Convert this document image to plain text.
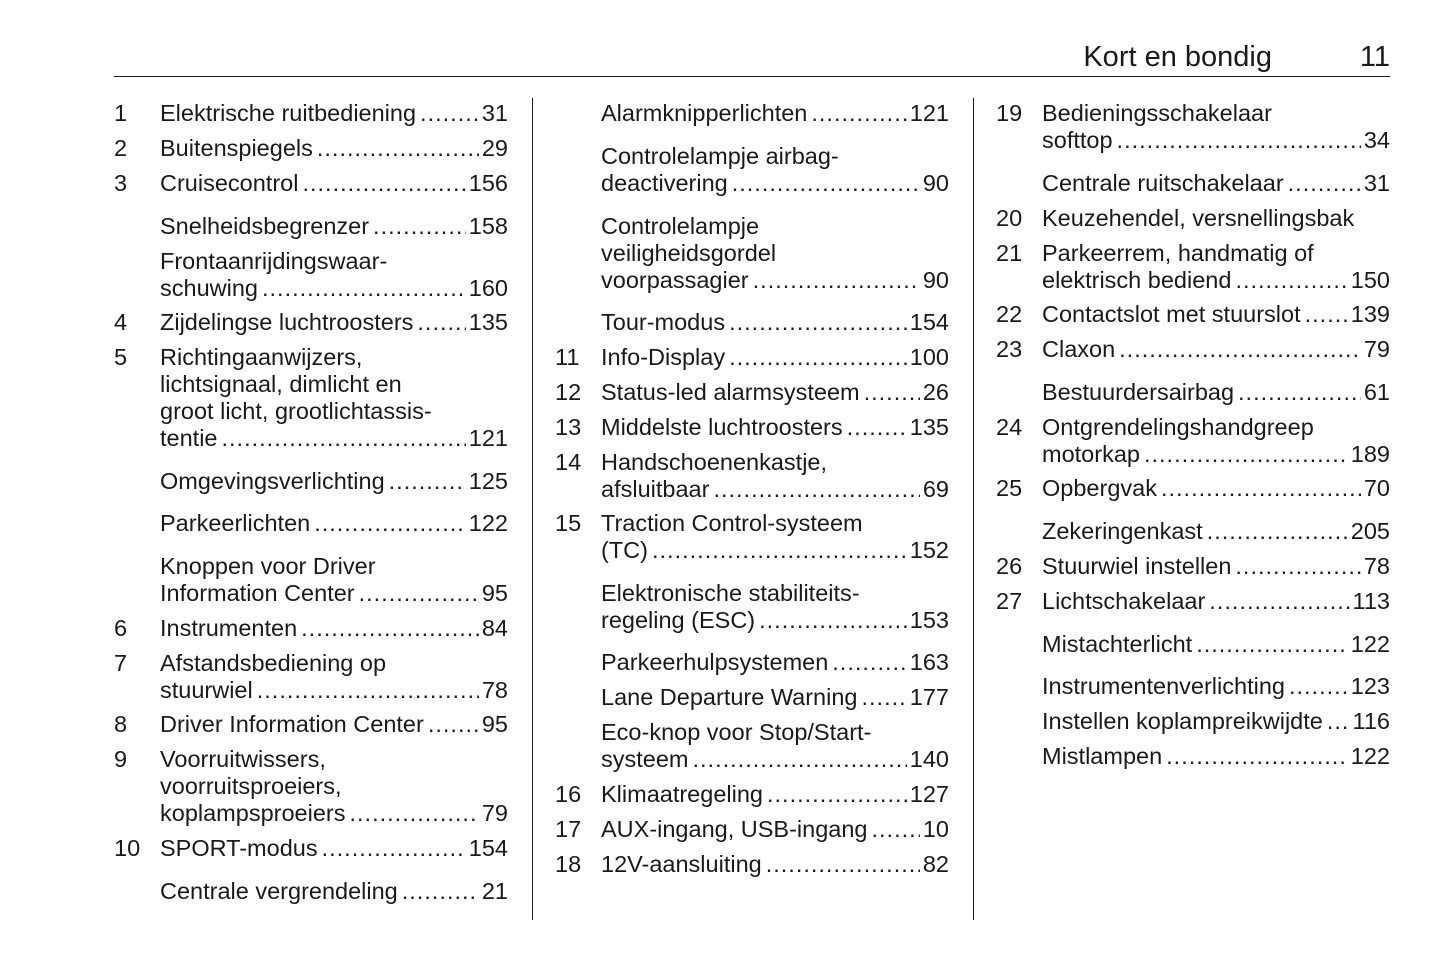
Kort en bondig	11
1 Elektrische ruitbediening .....	31
2 Buitenspiegels .....	29
3 Cruisecontrol .....	156
Snelheidsbegrenzer .....	158
Frontaanrijdingswaar-
schuwing .....	160
4 Zijdelingse luchtroosters ..... 135
5 Richtingaanwijzers,
lichtsignaal, dimlicht en
groot licht, grootlichtassis-
tentie .....	121
Omgevingsverlichting .....	125
Parkeerlichten .....	122
Knoppen voor Driver
Information Center .....	95
6 Instrumenten .....	84
7 Afstandsbediening op
stuurwiel .....	78
8 Driver Information Center ..... 95
9 Voorruitwissers,
voorruitsproeiers,
koplampsproeiers .....	79
10 SPORT-modus .....	154
Centrale vergrendeling .....	21
Alarmknipperlichten .....	121
Controlelampje airbag-
deactivering .....	90
Controlelampje
veiligheidsgordel
voorpassagier .....	90
Tour-modus .....	154
11 Info-Display .....	100
12 Status-led alarmsysteem .....	26
13 Middelste luchtroosters .....	135
14 Handschoenenkastje,
afsluitbaar .....	69
15 Traction Control-systeem
(TC) .....	152
Elektronische stabiliteits-
regeling (ESC) .....	153
Parkeerhulpsystemen .....	163
Lane Departure Warning ..... 177
Eco-knop voor Stop/Start-
systeem .....	140
16 Klimaatregeling .....	127
17 AUX-ingang, USB-ingang ..... 10
18 12V-aansluiting .....	82
19 Bedieningsschakelaar
softtop .....	34
Centrale ruitschakelaar .....	31
20 Keuzehendel, versnellingsbak
21 Parkeerrem, handmatig of
elektrisch bediend .....	150
22 Contactslot met stuurslot ..... 139
23 Claxon .....	79
Bestuurdersairbag .....	61
24 Ontgrendelingshandgreep
motorkap .....	189
25 Opbergvak .....	70
Zekeringenkast .....	205
26 Stuurwiel instellen .....	78
27 Lichtschakelaar .....	113
Mistachterlicht .....	122
Instrumentenverlichting .....	123
Instellen koplampreikwijdte ..... 116
Mistlampen .....	122
